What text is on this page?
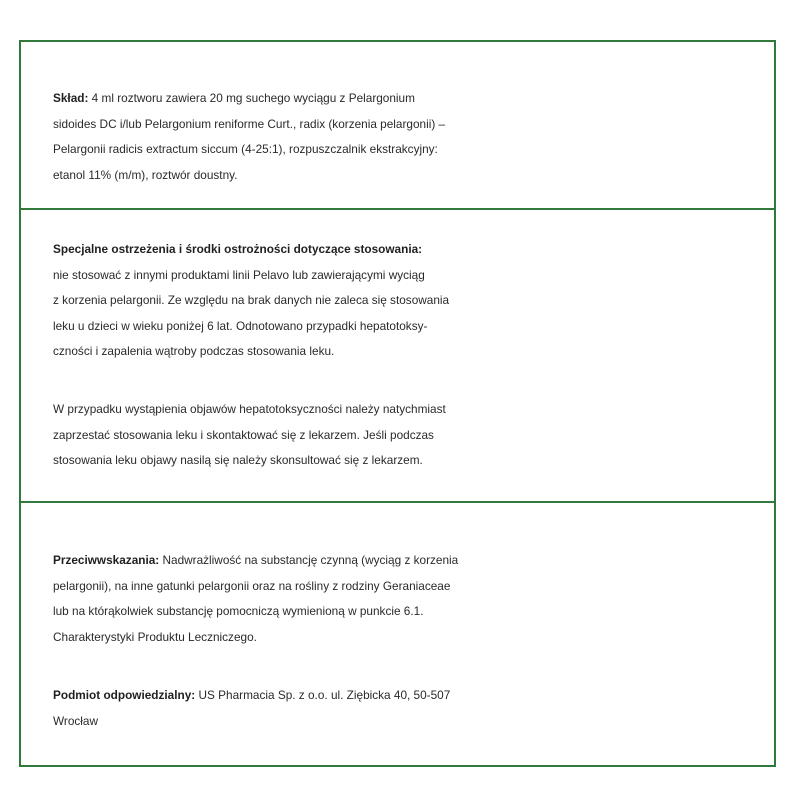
Skład: 4 ml roztworu zawiera 20 mg suchego wyciągu z Pelargonium
sidoides DC i/lub Pelargonium reniforme Curt., radix (korzenia pelargonii) –
Pelargonii radicis extractum siccum (4-25:1), rozpuszczalnik ekstrakcyjny:
etanol 11% (m/m), roztwór doustny.

Specjalne ostrzeżenia i środki ostrożności dotyczące stosowania:
nie stosować z innymi produktami linii Pelavo lub zawierającymi wyciąg
z korzenia pelargonii. Ze względu na brak danych nie zaleca się stosowania
leku u dzieci w wieku poniżej 6 lat. Odnotowano przypadki hepatotoksy-
czności i zapalenia wątroby podczas stosowania leku.

W przypadku wystąpienia objawów hepatotoksyczności należy natychmiast
zaprzestać stosowania leku i skontaktować się z lekarzem. Jeśli podczas
stosowania leku objawy nasilą się należy skonsultować się z lekarzem.

Przeciwwskazania: Nadwrażliwość na substancję czynną (wyciąg z korzenia
pelargonii), na inne gatunki pelargonii oraz na rośliny z rodziny Geraniaceae
lub na którąkolwiek substancję pomocniczą wymienioną w punkcie 6.1.
Charakterystyki Produktu Leczniczego.

Podmiot odpowiedzialny: US Pharmacia Sp. z o.o. ul. Ziębicka 40, 50-507
Wrocław
